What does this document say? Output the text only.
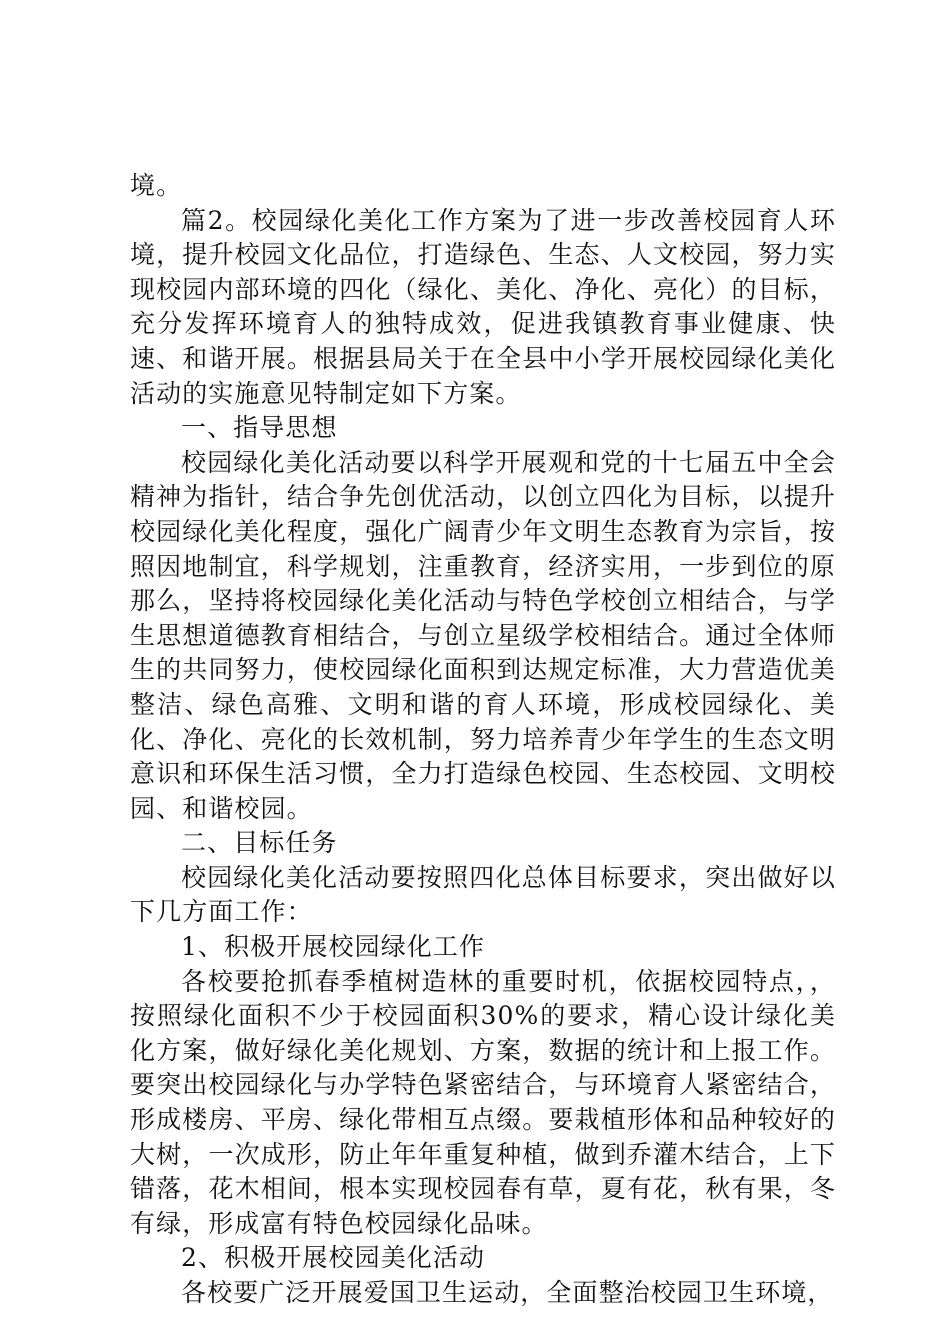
境。

篇2。校园绿化美化工作方案为了进一步改善校园育人环境，提升校园文化品位，打造绿色、生态、人文校园，努力实现校园内部环境的四化（绿化、美化、净化、亮化）的目标，充分发挥环境育人的独特成效，促进我镇教育事业健康、快速、和谐开展。根据县局关于在全县中小学开展校园绿化美化活动的实施意见特制定如下方案。

一、指导思想

校园绿化美化活动要以科学开展观和党的十七届五中全会精神为指针，结合争先创优活动，以创立四化为目标，以提升校园绿化美化程度，强化广阔青少年文明生态教育为宗旨，按照因地制宜，科学规划，注重教育，经济实用，一步到位的原那么，坚持将校园绿化美化活动与特色学校创立相结合，与学生思想道德教育相结合，与创立星级学校相结合。通过全体师生的共同努力，使校园绿化面积到达规定标准，大力营造优美整洁、绿色高雅、文明和谐的育人环境，形成校园绿化、美化、净化、亮化的长效机制，努力培养青少年学生的生态文明意识和环保生活习惯，全力打造绿色校园、生态校园、文明校园、和谐校园。

二、目标任务

校园绿化美化活动要按照四化总体目标要求，突出做好以下几方面工作：

1、积极开展校园绿化工作

各校要抢抓春季植树造林的重要时机，依据校园特点，，按照绿化面积不少于校园面积30%的要求，精心设计绿化美化方案，做好绿化美化规划、方案，数据的统计和上报工作。要突出校园绿化与办学特色紧密结合，与环境育人紧密结合，形成楼房、平房、绿化带相互点缀。要栽植形体和品种较好的大树，一次成形，防止年年重复种植，做到乔灌木结合，上下错落，花木相间，根本实现校园春有草，夏有花，秋有果，冬有绿，形成富有特色校园绿化品味。

2、积极开展校园美化活动

各校要广泛开展爱国卫生运动，全面整治校园卫生环境，
